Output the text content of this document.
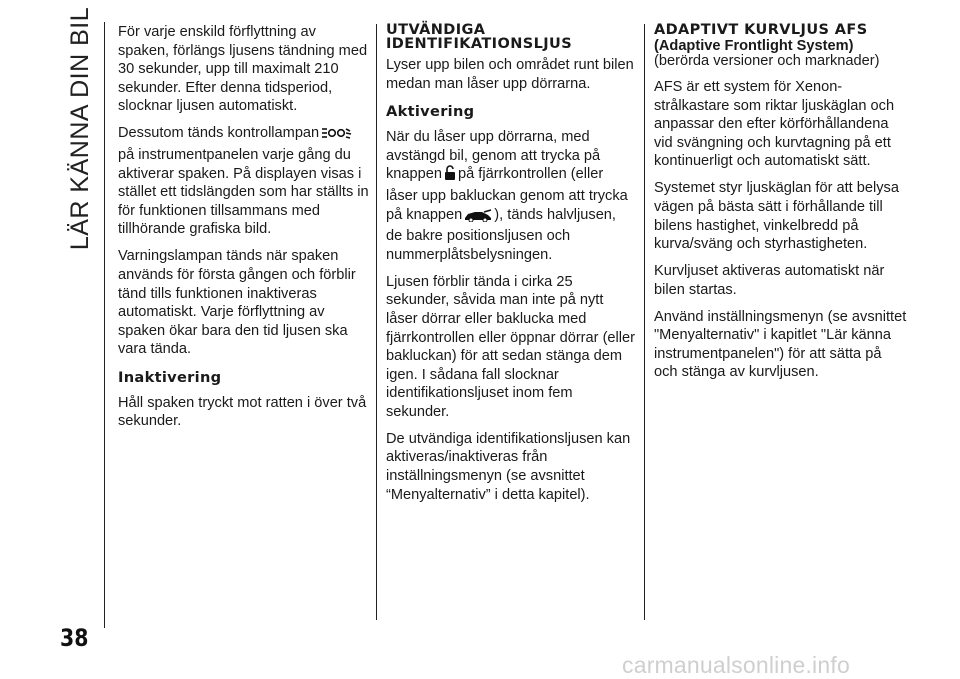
LÄR KÄNNA DIN BIL
38

För varje enskild förflyttning av spaken, förlängs ljusens tändning med 30 sekunder, upp till maximalt 210 sekunder. Efter denna tidsperiod, slocknar ljusen automatiskt.

Dessutom tänds kontrollampanpå instrumentpanelen varje gång du aktiverar spaken. På displayen visas i stället ett tidslängden som har ställts in för funktionen tillsammans med tillhörande grafiska bild.

Varningslampan tänds när spaken används för första gången och förblir tänd tills funktionen inaktiveras automatiskt. Varje förflyttning av spaken ökar bara den tid ljusen ska vara tända.

Inaktivering

Håll spaken tryckt mot ratten i över två sekunder.

UTVÄNDIGA IDENTIFIKATIONSLJUS

Lyser upp bilen och området runt bilen medan man låser upp dörrarna.

Aktivering

När du låser upp dörrarna, med avstängd bil, genom att trycka på knappen på fjärrkontrollen (eller låser upp bakluckan genom att trycka på knappen ), tänds halvljusen, de bakre positionsljusen och nummerplåtsbelysningen.

Ljusen förblir tända i cirka 25 sekunder, såvida man inte på nytt låser dörrar eller baklucka med fjärrkontrollen eller öppnar dörrar (eller bakluckan) för att sedan stänga dem igen. I sådana fall slocknar identifikationsljuset inom fem sekunder.

De utvändiga identifikationsljusen kan aktiveras/inaktiveras från inställningsmenyn (se avsnittet “Menyalternativ” i detta kapitel).

ADAPTIVT KURVLJUS AFS
(Adaptive Frontlight System)
(berörda versioner och marknader)

AFS är ett system för Xenon-strålkastare som riktar ljuskäglan och anpassar den efter körförhållandena vid svängning och kurvtagning på ett kontinuerligt och automatiskt sätt.

Systemet styr ljuskäglan för att belysa vägen på bästa sätt i förhållande till bilens hastighet, vinkelbredd på kurva/sväng och styrhastigheten.

Kurvljuset aktiveras automatiskt när bilen startas.

Använd inställningsmenyn (se avsnittet "Menyalternativ" i kapitlet "Lär känna instrumentpanelen") för att sätta på och stänga av kurvljusen.

carmanualsonline.info
